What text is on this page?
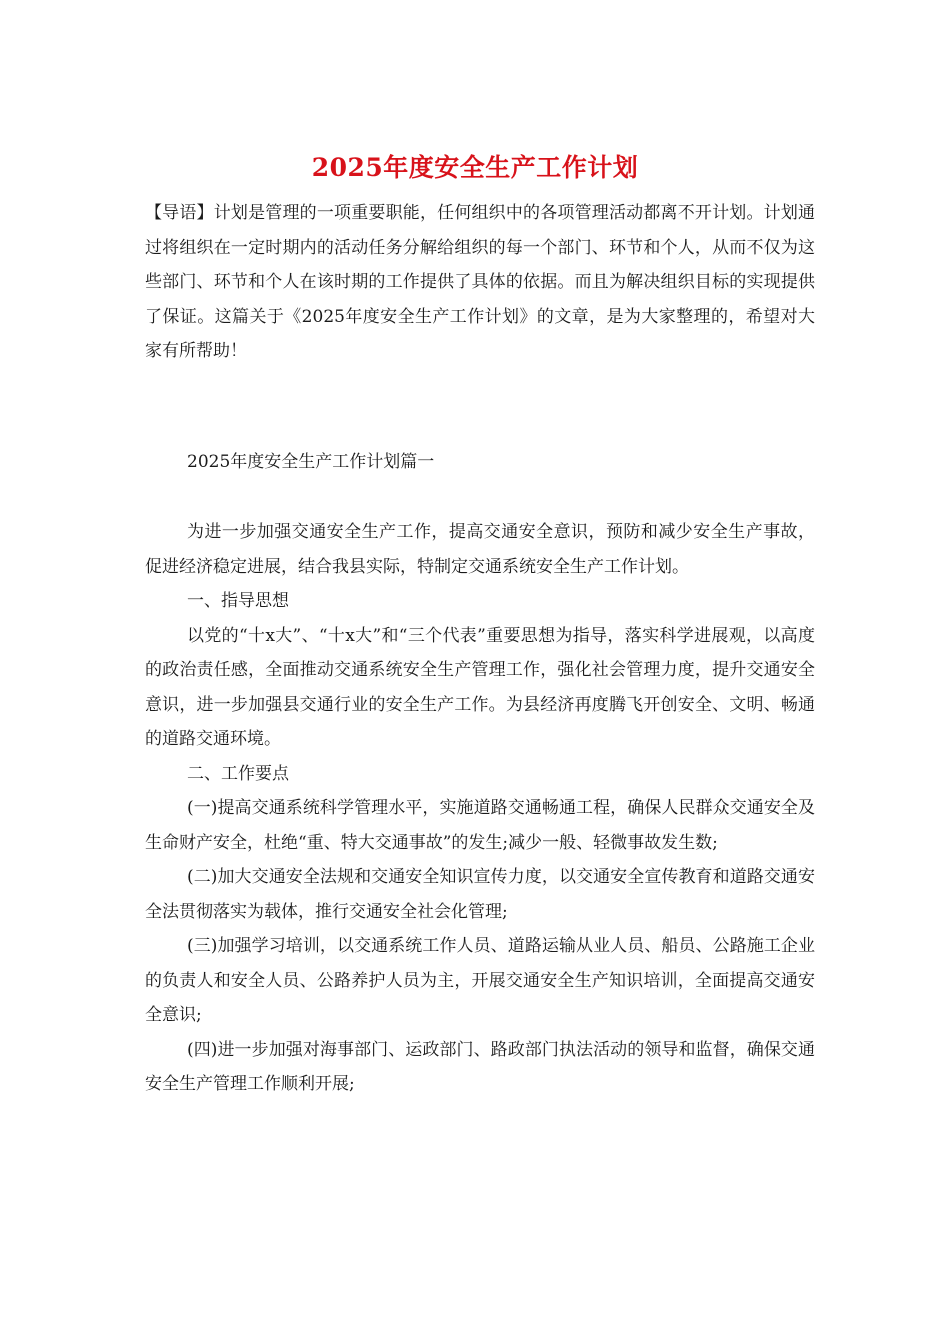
2025年度安全生产工作计划
【导语】计划是管理的一项重要职能，任何组织中的各项管理活动都离不开计划。计划通过将组织在一定时期内的活动任务分解给组织的每一个部门、环节和个人，从而不仅为这些部门、环节和个人在该时期的工作提供了具体的依据。而且为解决组织目标的实现提供了保证。这篇关于《2025年度安全生产工作计划》的文章，是为大家整理的，希望对大家有所帮助！
2025年度安全生产工作计划篇一

为进一步加强交通安全生产工作，提高交通安全意识，预防和减少安全生产事故，促进经济稳定进展，结合我县实际，特制定交通系统安全生产工作计划。

一、指导思想

以党的“十x大”、“十x大”和“三个代表”重要思想为指导，落实科学进展观，以高度的政治责任感，全面推动交通系统安全生产管理工作，强化社会管理力度，提升交通安全意识，进一步加强县交通行业的安全生产工作。为县经济再度腾飞开创安全、文明、畅通的道路交通环境。

二、工作要点

(一)提高交通系统科学管理水平，实施道路交通畅通工程，确保人民群众交通安全及生命财产安全，杜绝“重、特大交通事故”的发生;减少一般、轻微事故发生数;

(二)加大交通安全法规和交通安全知识宣传力度，以交通安全宣传教育和道路交通安全法贯彻落实为载体，推行交通安全社会化管理;

(三)加强学习培训，以交通系统工作人员、道路运输从业人员、船员、公路施工企业的负责人和安全人员、公路养护人员为主，开展交通安全生产知识培训，全面提高交通安全意识;

(四)进一步加强对海事部门、运政部门、路政部门执法活动的领导和监督，确保交通安全生产管理工作顺利开展;
